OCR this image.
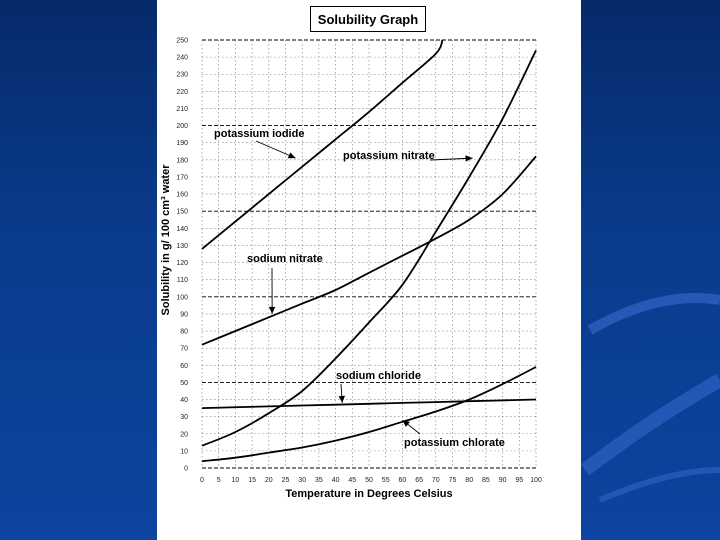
Solubility Graph
0
10
20
30
40
50
60
70
80
90
100
110
120
130
140
150
160
170
180
190
200
210
220
230
240
250
0 5 10 15 20 25 30 35 40 45 50 55 60 65 70 75 80 85 90 95 100
potassium iodide
potassium nitrate
sodium nitrate
sodium chloride
potassium chlorate
Temperature in Degrees Celsius
Solubility in g/ 100 cm³ water
